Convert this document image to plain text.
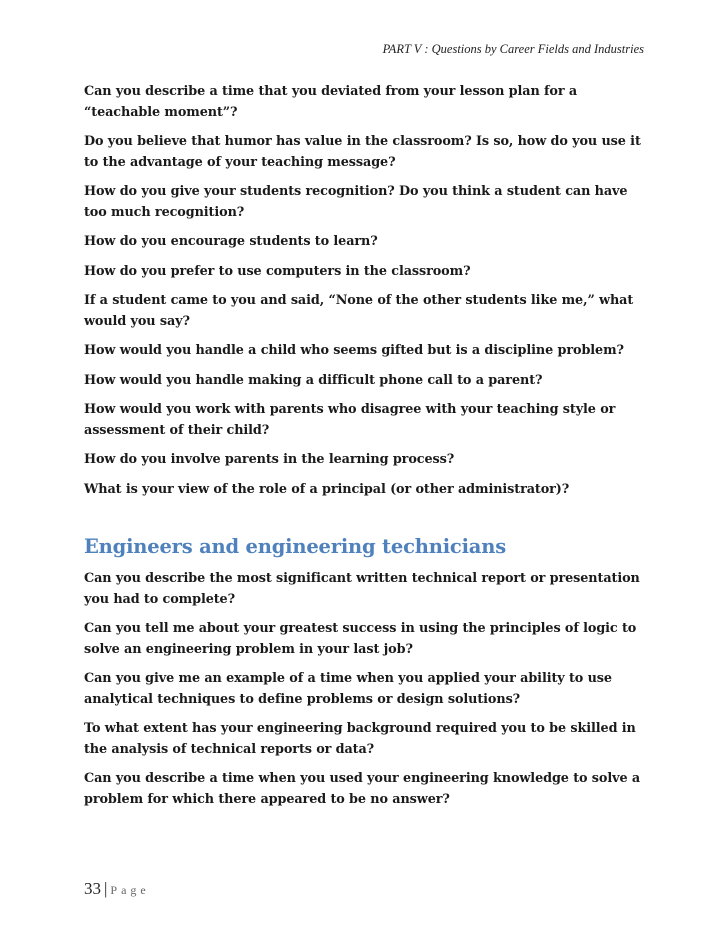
PART V : Questions by Career Fields and Industries

Can you describe a time that you deviated from your lesson plan for a “teachable moment”?

Do you believe that humor has value in the classroom? Is so, how do you use it to the advantage of your teaching message?

How do you give your students recognition? Do you think a student can have too much recognition?

How do you encourage students to learn?

How do you prefer to use computers in the classroom?

If a student came to you and said, “None of the other students like me,” what would you say?

How would you handle a child who seems gifted but is a discipline problem?

How would you handle making a difficult phone call to a parent?

How would you work with parents who disagree with your teaching style or assessment of their child?

How do you involve parents in the learning process?

What is your view of the role of a principal (or other administrator)?

Engineers and engineering technicians

Can you describe the most significant written technical report or presentation you had to complete?

Can you tell me about your greatest success in using the principles of logic to solve an engineering problem in your last job?

Can you give me an example of a time when you applied your ability to use analytical techniques to define problems or design solutions?

To what extent has your engineering background required you to be skilled in the analysis of technical reports or data?

Can you describe a time when you used your engineering knowledge to solve a problem for which there appeared to be no answer?

33 | Page
